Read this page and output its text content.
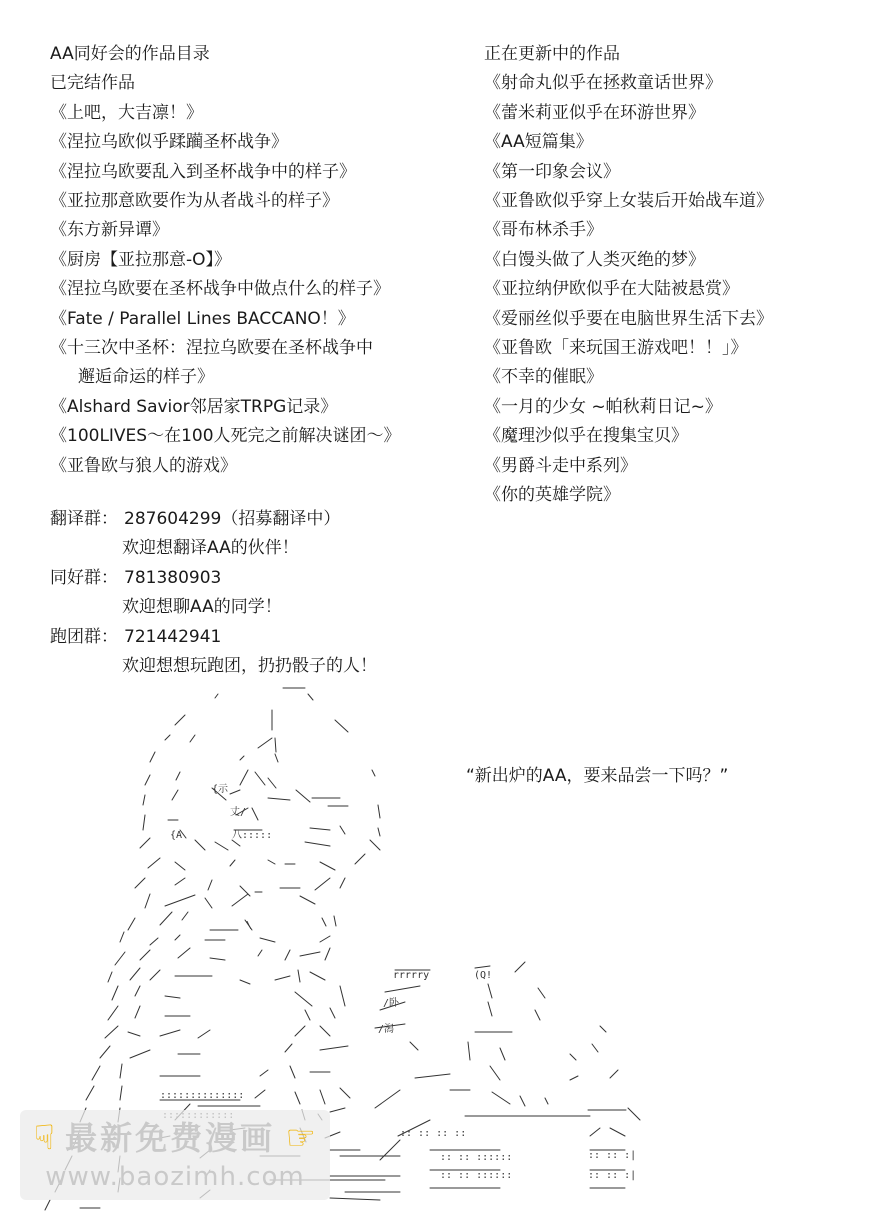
AA同好会的作品目录
已完结作品
《上吧，大吉凛！》
《涅拉乌欧似乎蹂躏圣杯战争》
《涅拉乌欧要乱入到圣杯战争中的样子》
《亚拉那意欧要作为从者战斗的样子》
《东方新异谭》
《厨房【亚拉那意-O】》
《涅拉乌欧要在圣杯战争中做点什么的样子》
《Fate / Parallel Lines BACCANO！》
《十三次中圣杯：涅拉乌欧要在圣杯战争中
邂逅命运的样子》
《Alshard Savior邻居家TRPG记录》
《100LIVES～在100人死完之前解决谜团～》
《亚鲁欧与狼人的游戏》
正在更新中的作品
《射命丸似乎在拯救童话世界》
《蕾米莉亚似乎在环游世界》
《AA短篇集》
《第一印象会议》
《亚鲁欧似乎穿上女装后开始战车道》
《哥布林杀手》
《白馒头做了人类灭绝的梦》
《亚拉纳伊欧似乎在大陆被悬赏》
《爱丽丝似乎要在电脑世界生活下去》
《亚鲁欧「来玩国王游戏吧！！」》
《不幸的催眠》
《一月的少女 ~帕秋莉日记~》
《魔理沙似乎在搜集宝贝》
《男爵斗走中系列》
《你的英雄学院》
翻译群： 287604299（招募翻译中）
欢迎想翻译AA的伙伴！
同好群： 781380903
欢迎想聊AA的同学！
跑团群： 721442941
欢迎想想玩跑团，扔扔骰子的人！
{示
丈/
八:::::
{A
\
rrrrry	(Q!
/卧
/潟
::::::::::::::
:: :: :: ::
:: :: ::::::
:: :: ::::::
:: :: :|
:: :: :|
“新出炉的AA，要来品尝一下吗？”
☟ 最新免费漫画 ☞
www.baozimh.com
